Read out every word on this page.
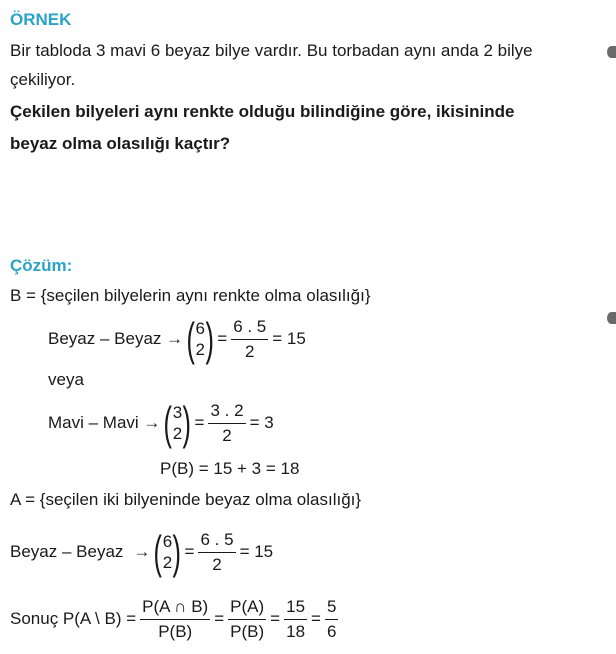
ÖRNEK
Bir tabloda 3 mavi 6 beyaz bilye vardır. Bu torbadan aynı anda 2 bilye
çekiliyor.
Çekilen bilyeleri aynı renkte olduğu bilindiğine göre, ikisininde
beyaz olma olasılığı kaçtır?
Çözüm:
B = {seçilen bilyelerin aynı renkte olma olasılığı}
Beyaz – Beyaz → ( 6
2 ) = $\frac{6 . 5}{2} = 15$
veya
Mavi – Mavi → ( 3
2 ) = $\frac{3 . 2}{2} = 3$
P(B) = 15 + 3 = 18
A = {seçilen iki bilyeninde beyaz olma olasılığı}
Beyaz – Beyaz → ( 6
2 ) = $\frac{6 . 5}{2} = 15$
Sonuç P(A \ $B) = \frac{P(A \cap B)}{P(B)} = \frac{P(A)}{P(B)} = \frac{15}{18} = \frac{5}{6}$
